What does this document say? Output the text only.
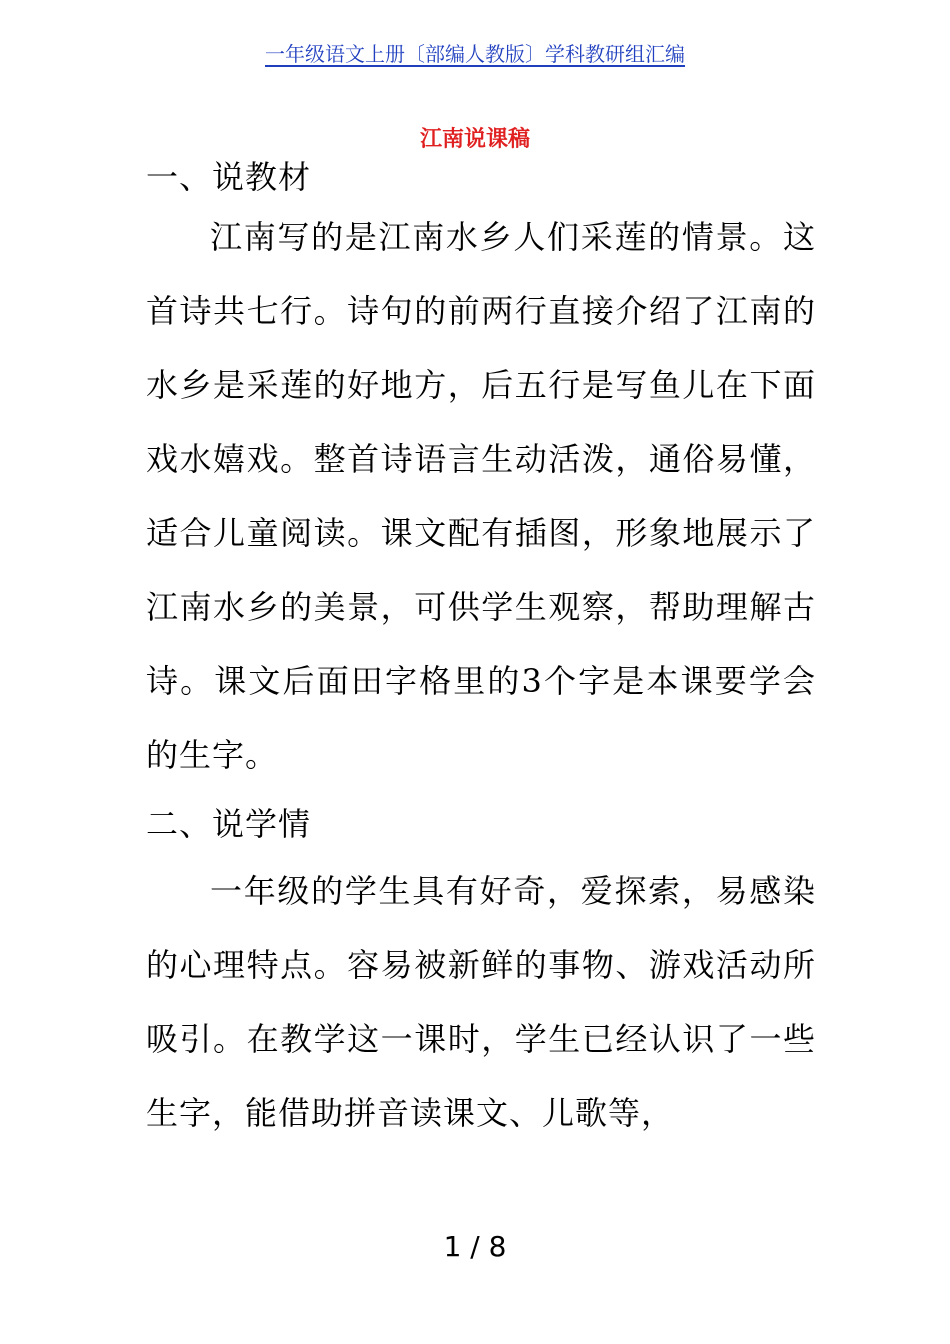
一年级语文上册〔部编人教版〕学科教研组汇编
江南说课稿

一、说教材

江南写的是江南水乡人们采莲的情景。这首诗共七行。诗句的前两行直接介绍了江南的水乡是采莲的好地方，后五行是写鱼儿在下面戏水嬉戏。整首诗语言生动活泼，通俗易懂，适合儿童阅读。课文配有插图，形象地展示了江南水乡的美景，可供学生观察，帮助理解古诗。课文后面田字格里的3个字是本课要学会的生字。

二、说学情

一年级的学生具有好奇，爱探索，易感染的心理特点。容易被新鲜的事物、游戏活动所吸引。在教学这一课时，学生已经认识了一些生字，能借助拼音读课文、儿歌等，

1 / 8
